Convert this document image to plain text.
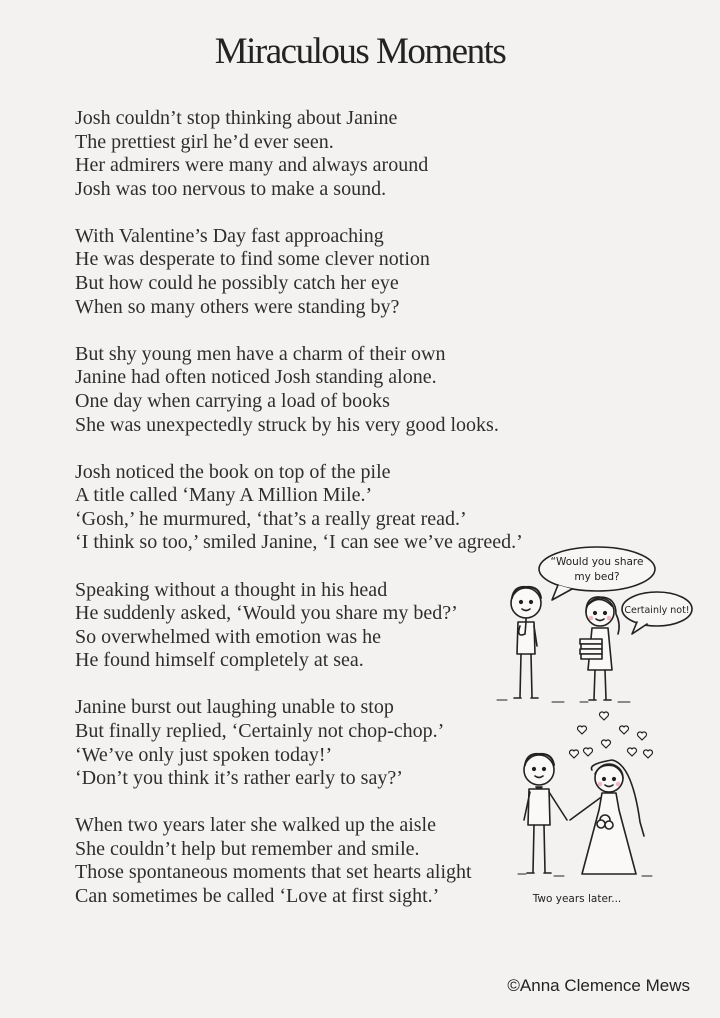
Miraculous Moments
Josh couldn’t stop thinking about Janine
The prettiest girl he’d ever seen.
Her admirers were many and always around
Josh was too nervous to make a sound.
With Valentine’s Day fast approaching
He was desperate to find some clever notion
But how could he possibly catch her eye
When so many others were standing by?
But shy young men have a charm of their own
Janine had often noticed Josh standing alone.
One day when carrying a load of books
She was unexpectedly struck by his very good looks.
Josh noticed the book on top of the pile
A title called ‘Many A Million Mile.’
‘Gosh,’ he murmured, ‘that’s a really great read.’
‘I think so too,’ smiled Janine, ‘I can see we’ve agreed.’
Speaking without a thought in his head
He suddenly asked, ‘Would you share my bed?’
So overwhelmed with emotion was he
He found himself completely at sea.
Janine burst out laughing unable to stop
But finally replied, ‘Certainly not chop-chop.’
‘We’ve only just spoken today!’
‘Don’t you think it’s rather early to say?’
When two years later she walked up the aisle
She couldn’t help but remember and smile.
Those spontaneous moments that set hearts alight
Can sometimes be called ‘Love at first sight.’
“Would you share
my bed?
Certainly not!
Two years later...
©Anna Clemence Mews
